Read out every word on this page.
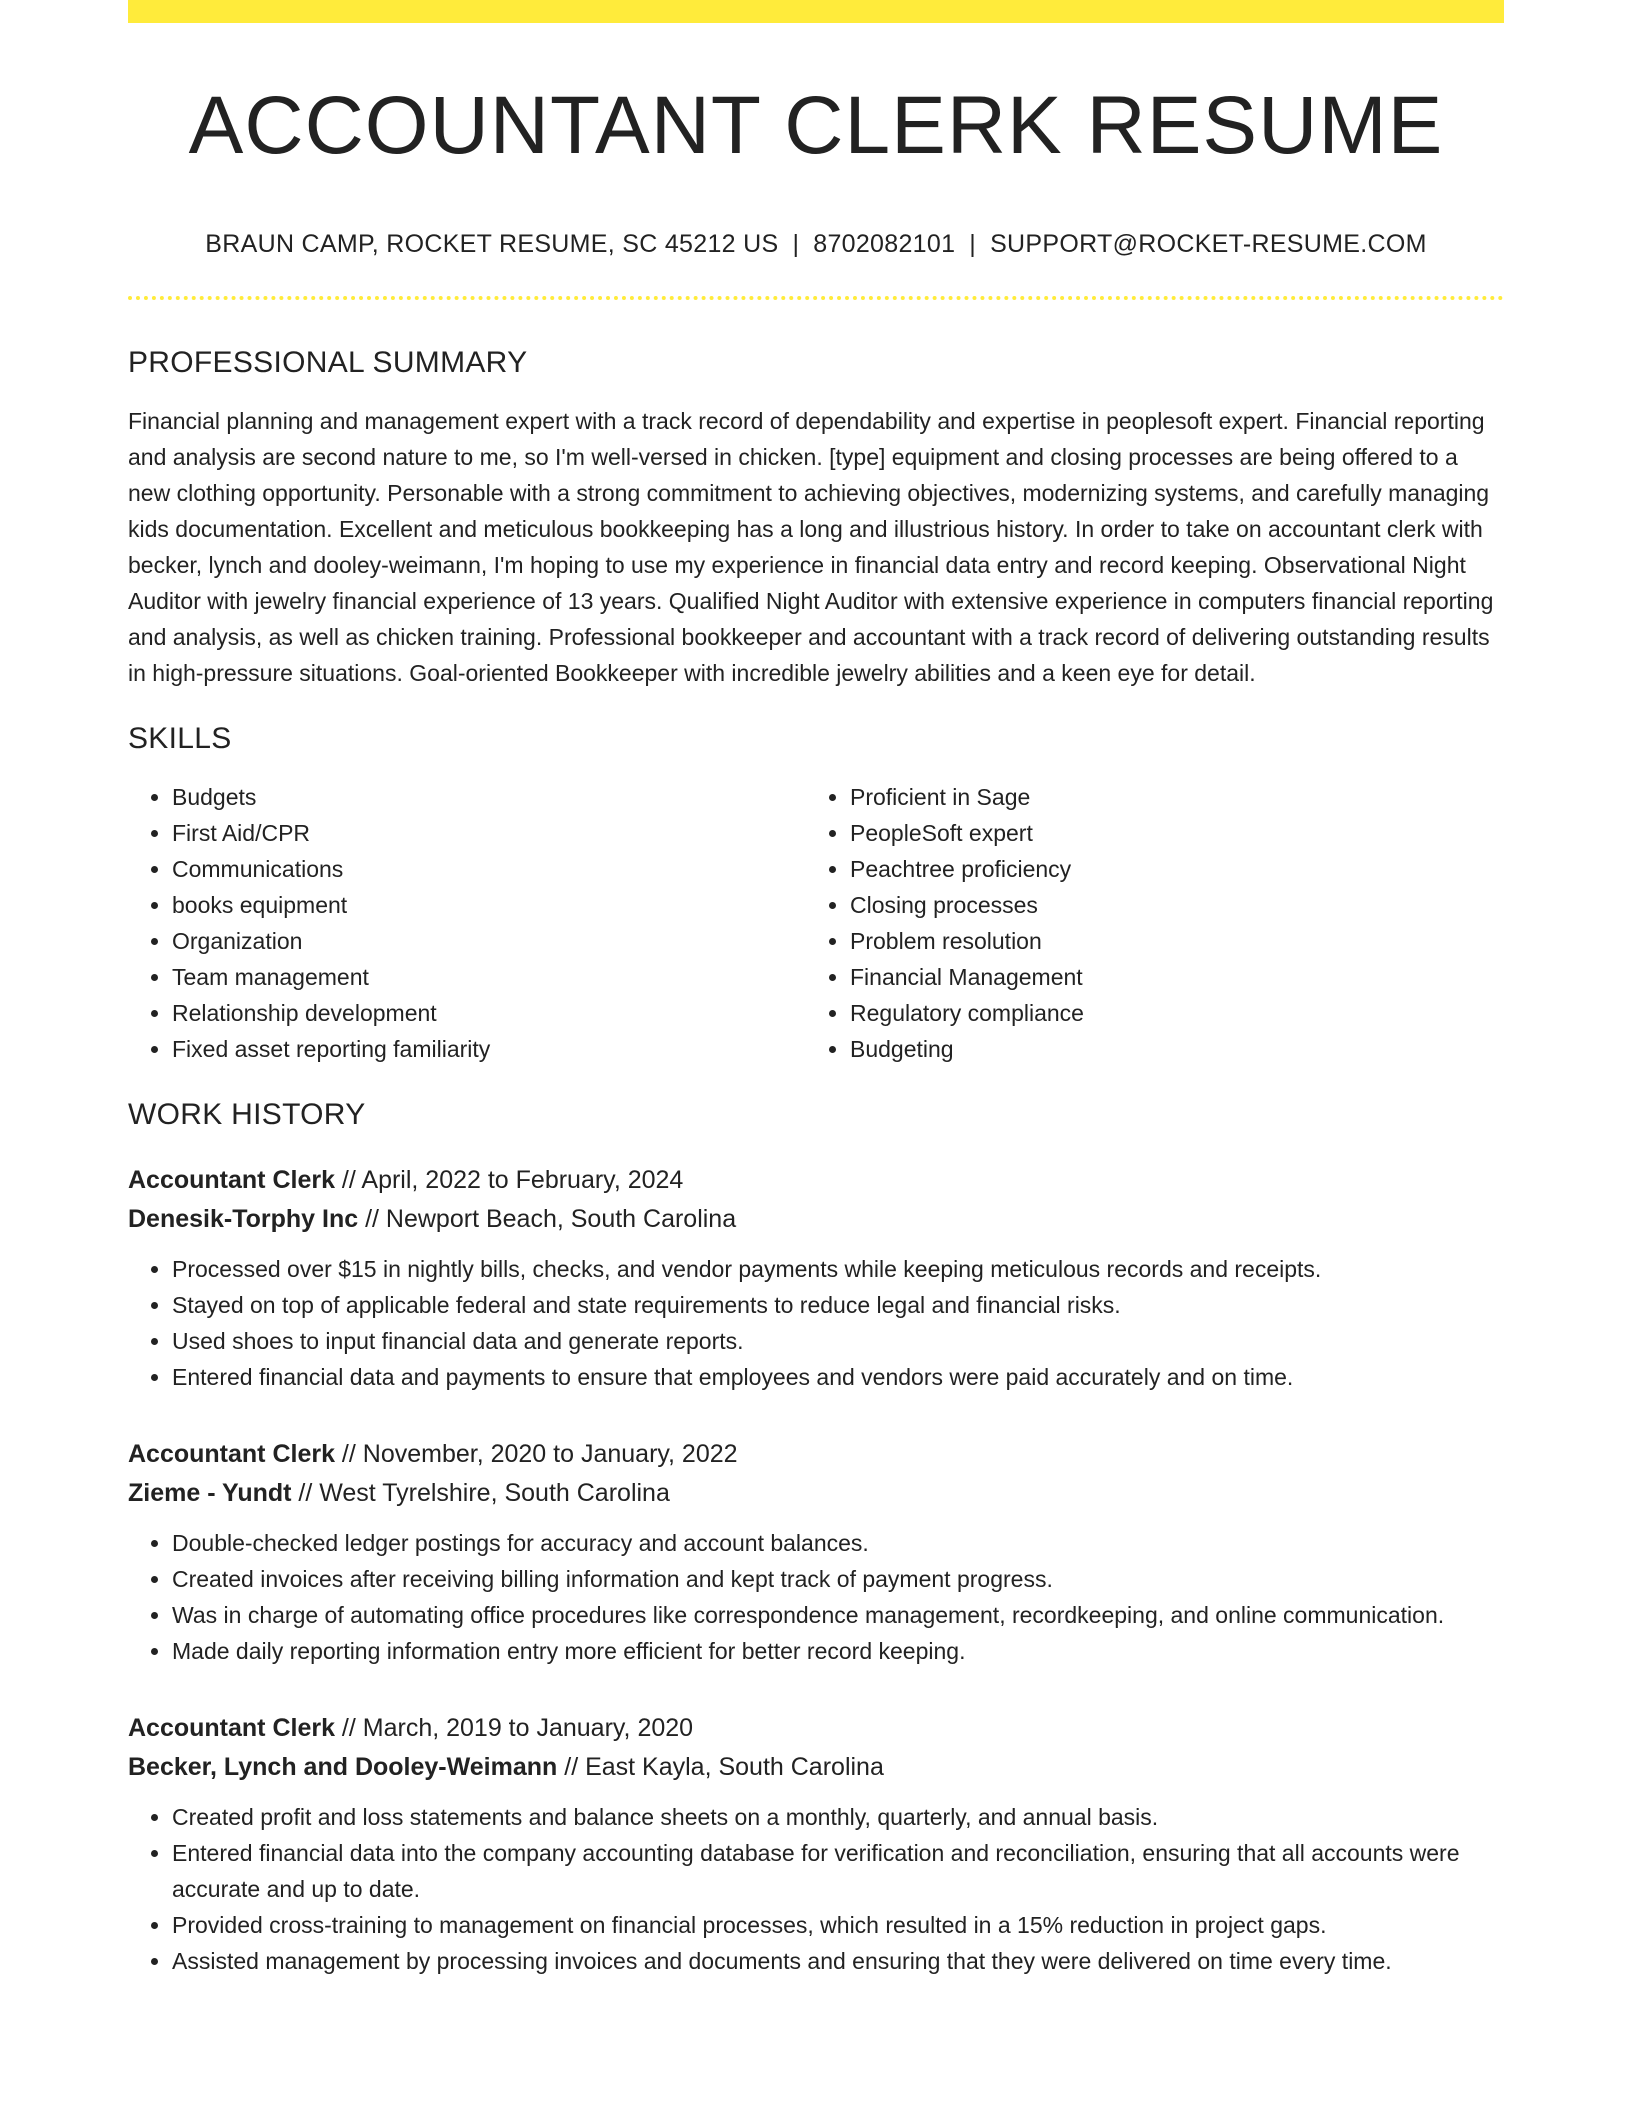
ACCOUNTANT CLERK RESUME
BRAUN CAMP, ROCKET RESUME, SC 45212 US | 8702082101 | SUPPORT@ROCKET-RESUME.COM
PROFESSIONAL SUMMARY

Financial planning and management expert with a track record of dependability and expertise in peoplesoft expert. Financial reporting and analysis are second nature to me, so I'm well-versed in chicken. [type] equipment and closing processes are being offered to a new clothing opportunity. Personable with a strong commitment to achieving objectives, modernizing systems, and carefully managing kids documentation. Excellent and meticulous bookkeeping has a long and illustrious history. In order to take on accountant clerk with becker, lynch and dooley-weimann, I'm hoping to use my experience in financial data entry and record keeping. Observational Night Auditor with jewelry financial experience of 13 years. Qualified Night Auditor with extensive experience in computers financial reporting and analysis, as well as chicken training. Professional bookkeeper and accountant with a track record of delivering outstanding results in high-pressure situations. Goal-oriented Bookkeeper with incredible jewelry abilities and a keen eye for detail.

SKILLS
• Budgets
• First Aid/CPR
• Communications
• books equipment
• Organization
• Team management
• Relationship development
• Fixed asset reporting familiarity
• Proficient in Sage
• PeopleSoft expert
• Peachtree proficiency
• Closing processes
• Problem resolution
• Financial Management
• Regulatory compliance
• Budgeting
WORK HISTORY
Accountant Clerk // April, 2022 to February, 2024
Denesik-Torphy Inc // Newport Beach, South Carolina
• Processed over $15 in nightly bills, checks, and vendor payments while keeping meticulous records and receipts.
• Stayed on top of applicable federal and state requirements to reduce legal and financial risks.
• Used shoes to input financial data and generate reports.
• Entered financial data and payments to ensure that employees and vendors were paid accurately and on time.
Accountant Clerk // November, 2020 to January, 2022
Zieme - Yundt // West Tyrelshire, South Carolina
• Double-checked ledger postings for accuracy and account balances.
• Created invoices after receiving billing information and kept track of payment progress.
• Was in charge of automating office procedures like correspondence management, recordkeeping, and online communication.
• Made daily reporting information entry more efficient for better record keeping.
Accountant Clerk // March, 2019 to January, 2020
Becker, Lynch and Dooley-Weimann // East Kayla, South Carolina
• Created profit and loss statements and balance sheets on a monthly, quarterly, and annual basis.
• Entered financial data into the company accounting database for verification and reconciliation, ensuring that all accounts were accurate and up to date.
• Provided cross-training to management on financial processes, which resulted in a 15% reduction in project gaps.
• Assisted management by processing invoices and documents and ensuring that they were delivered on time every time.
